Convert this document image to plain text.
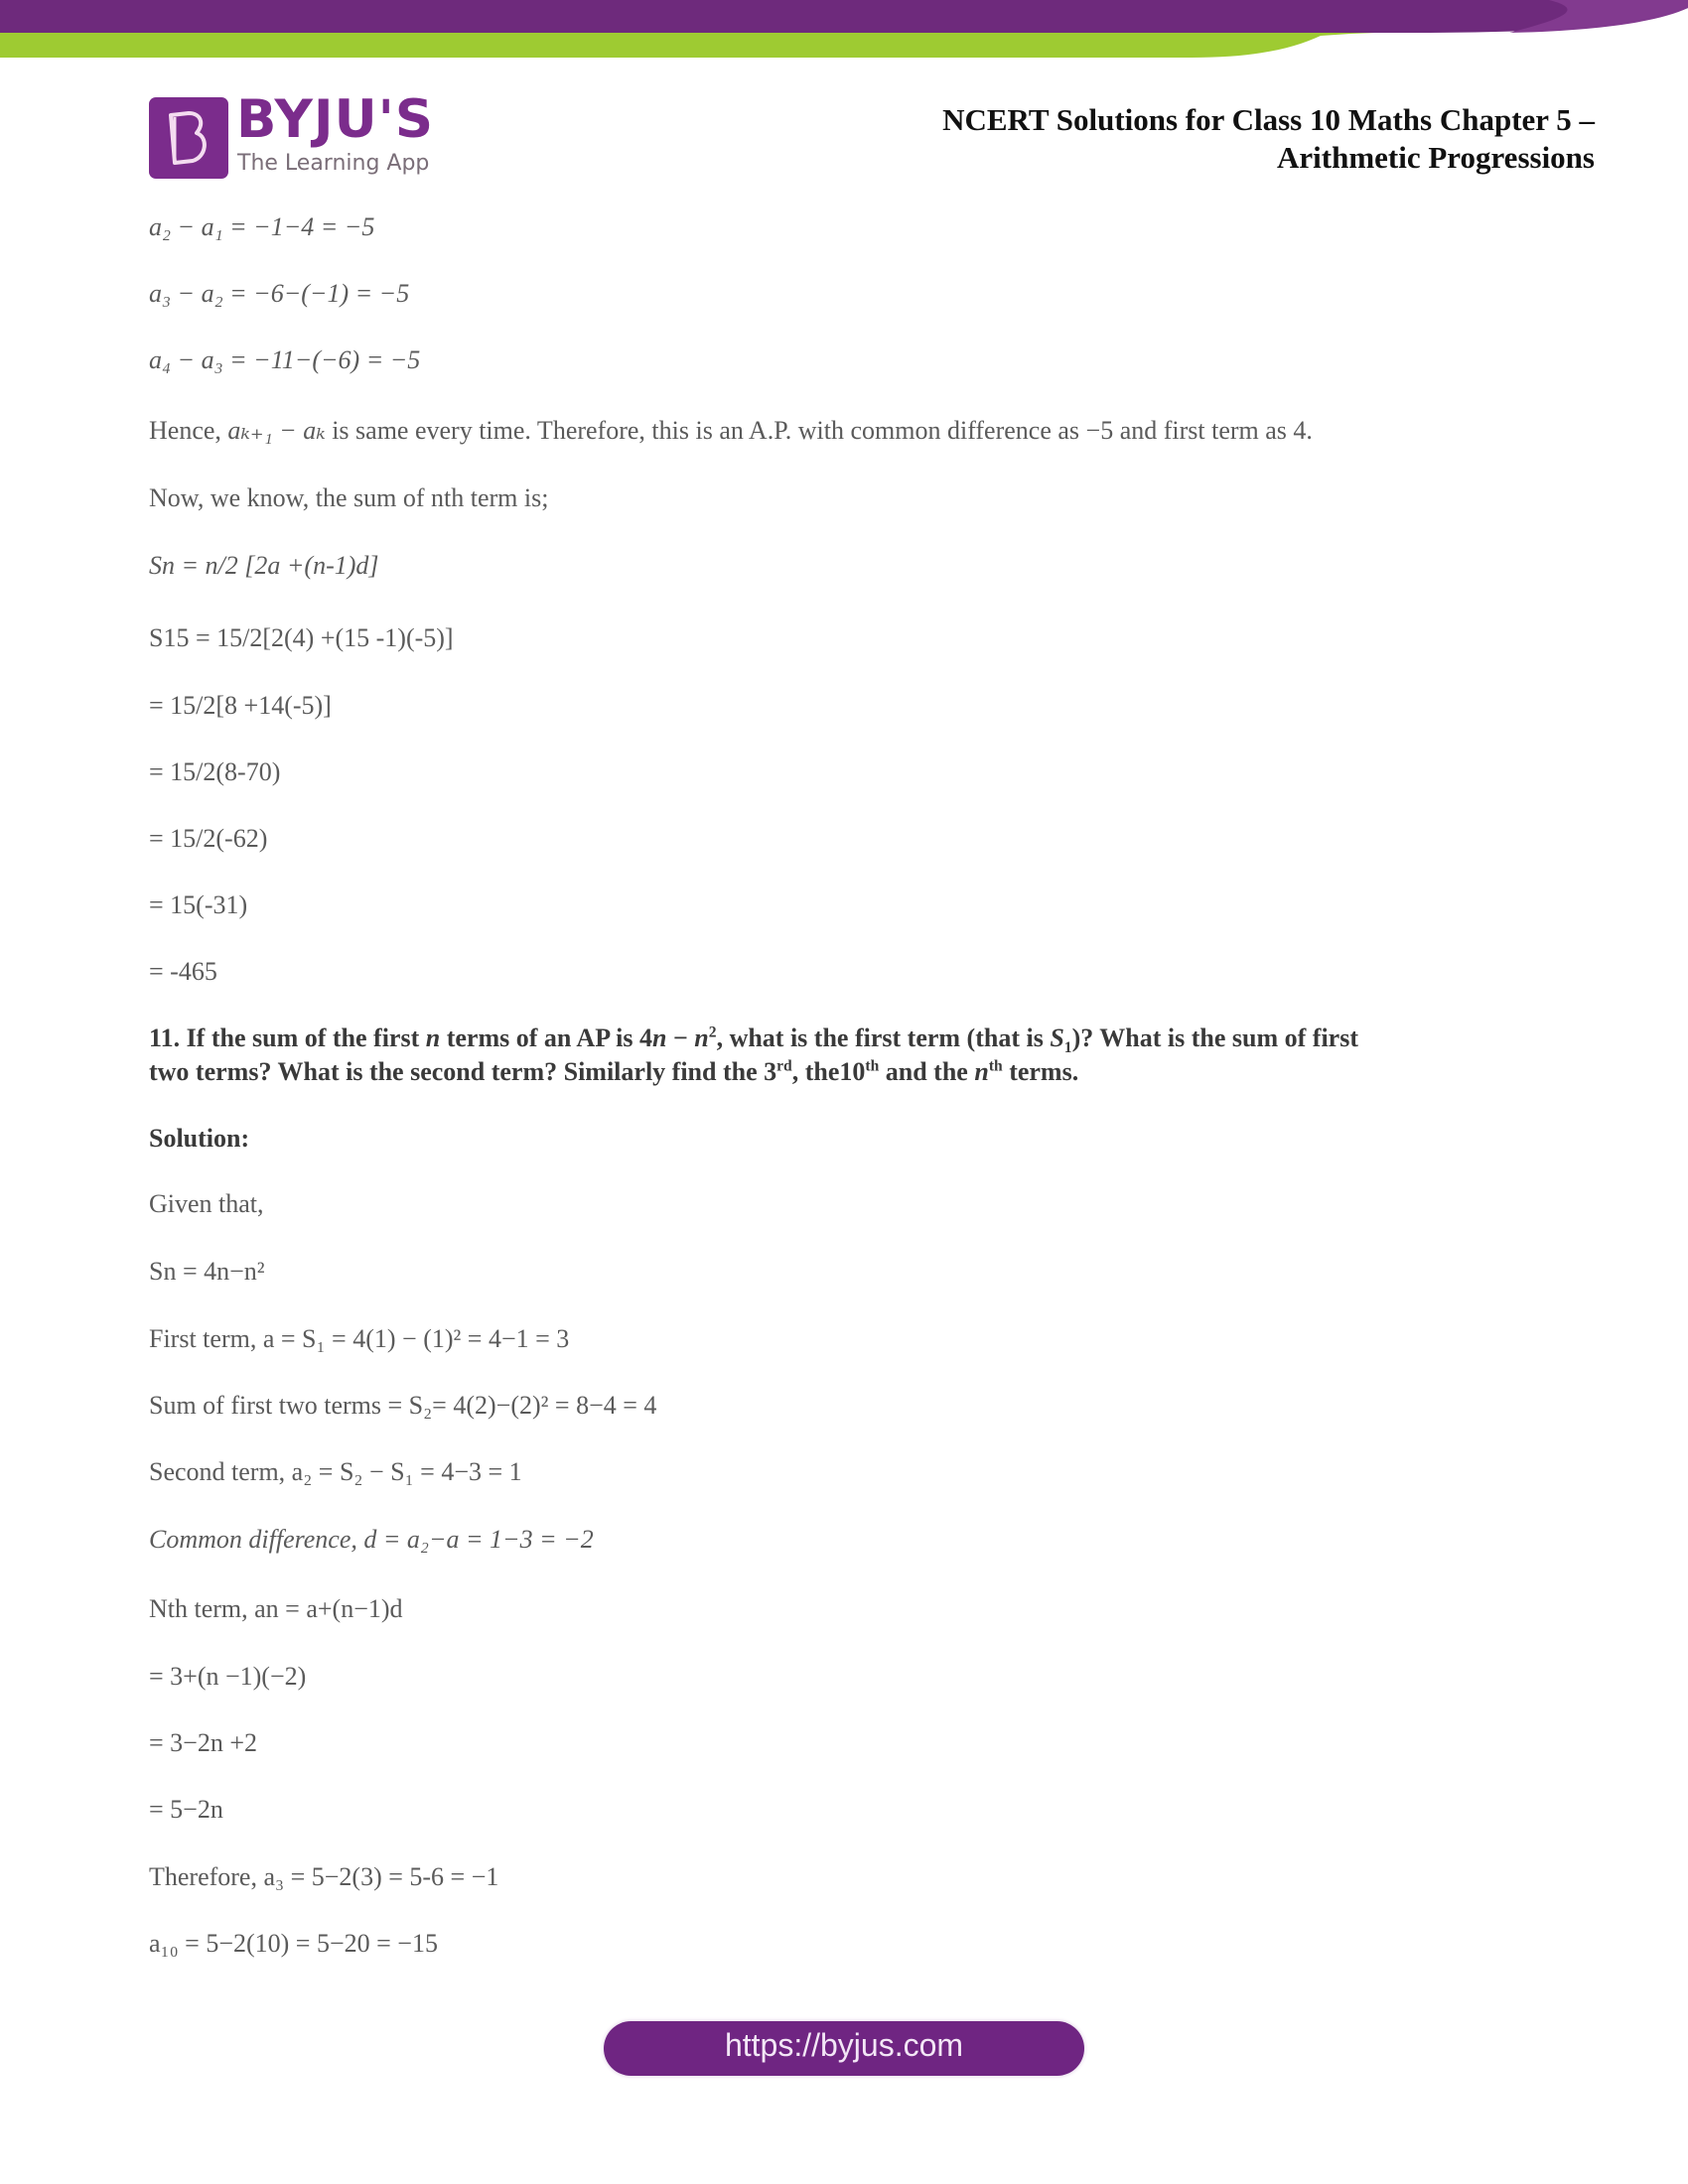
BYJU'S
The Learning App
NCERT Solutions for Class 10 Maths Chapter 5 –
Arithmetic Progressions
a₂ − a₁ = −1−4 = −5
a₃ − a₂ = −6−(−1) = −5
a₄ − a₃ = −11−(−6) = −5
Hence, aₖ₊₁ − aₖ is same every time. Therefore, this is an A.P. with common difference as −5 and first term as 4.
Now, we know, the sum of nth term is;
Sn = n/2 [2a +(n-1)d]
S15 = 15/2[2(4) +(15 -1)(-5)]
= 15/2[8 +14(-5)]
= 15/2(8-70)
= 15/2(-62)
= 15(-31)
= -465
11. If the sum of the first n terms of an AP is $4n - n^2$, what is the first term (that is $S_1$)? What is the sum of first
two terms? What is the second term? Similarly find the 3rd, the10th and the $n^{th}$ terms.
Solution:
Given that,
Sn = 4n−n²
First term, a = S₁ = 4(1) − (1)² = 4−1 = 3
Sum of first two terms = S₂= 4(2)−(2)² = 8−4 = 4
Second term, a₂ = S₂ − S₁ = 4−3 = 1
Common difference, d = a₂−a = 1−3 = −2
Nth term, an = a+(n−1)d
= 3+(n −1)(−2)
= 3−2n +2
= 5−2n
Therefore, a₃ = 5−2(3) = 5-6 = −1
a₁₀ = 5−2(10) = 5−20 = −15
https://byjus.com
